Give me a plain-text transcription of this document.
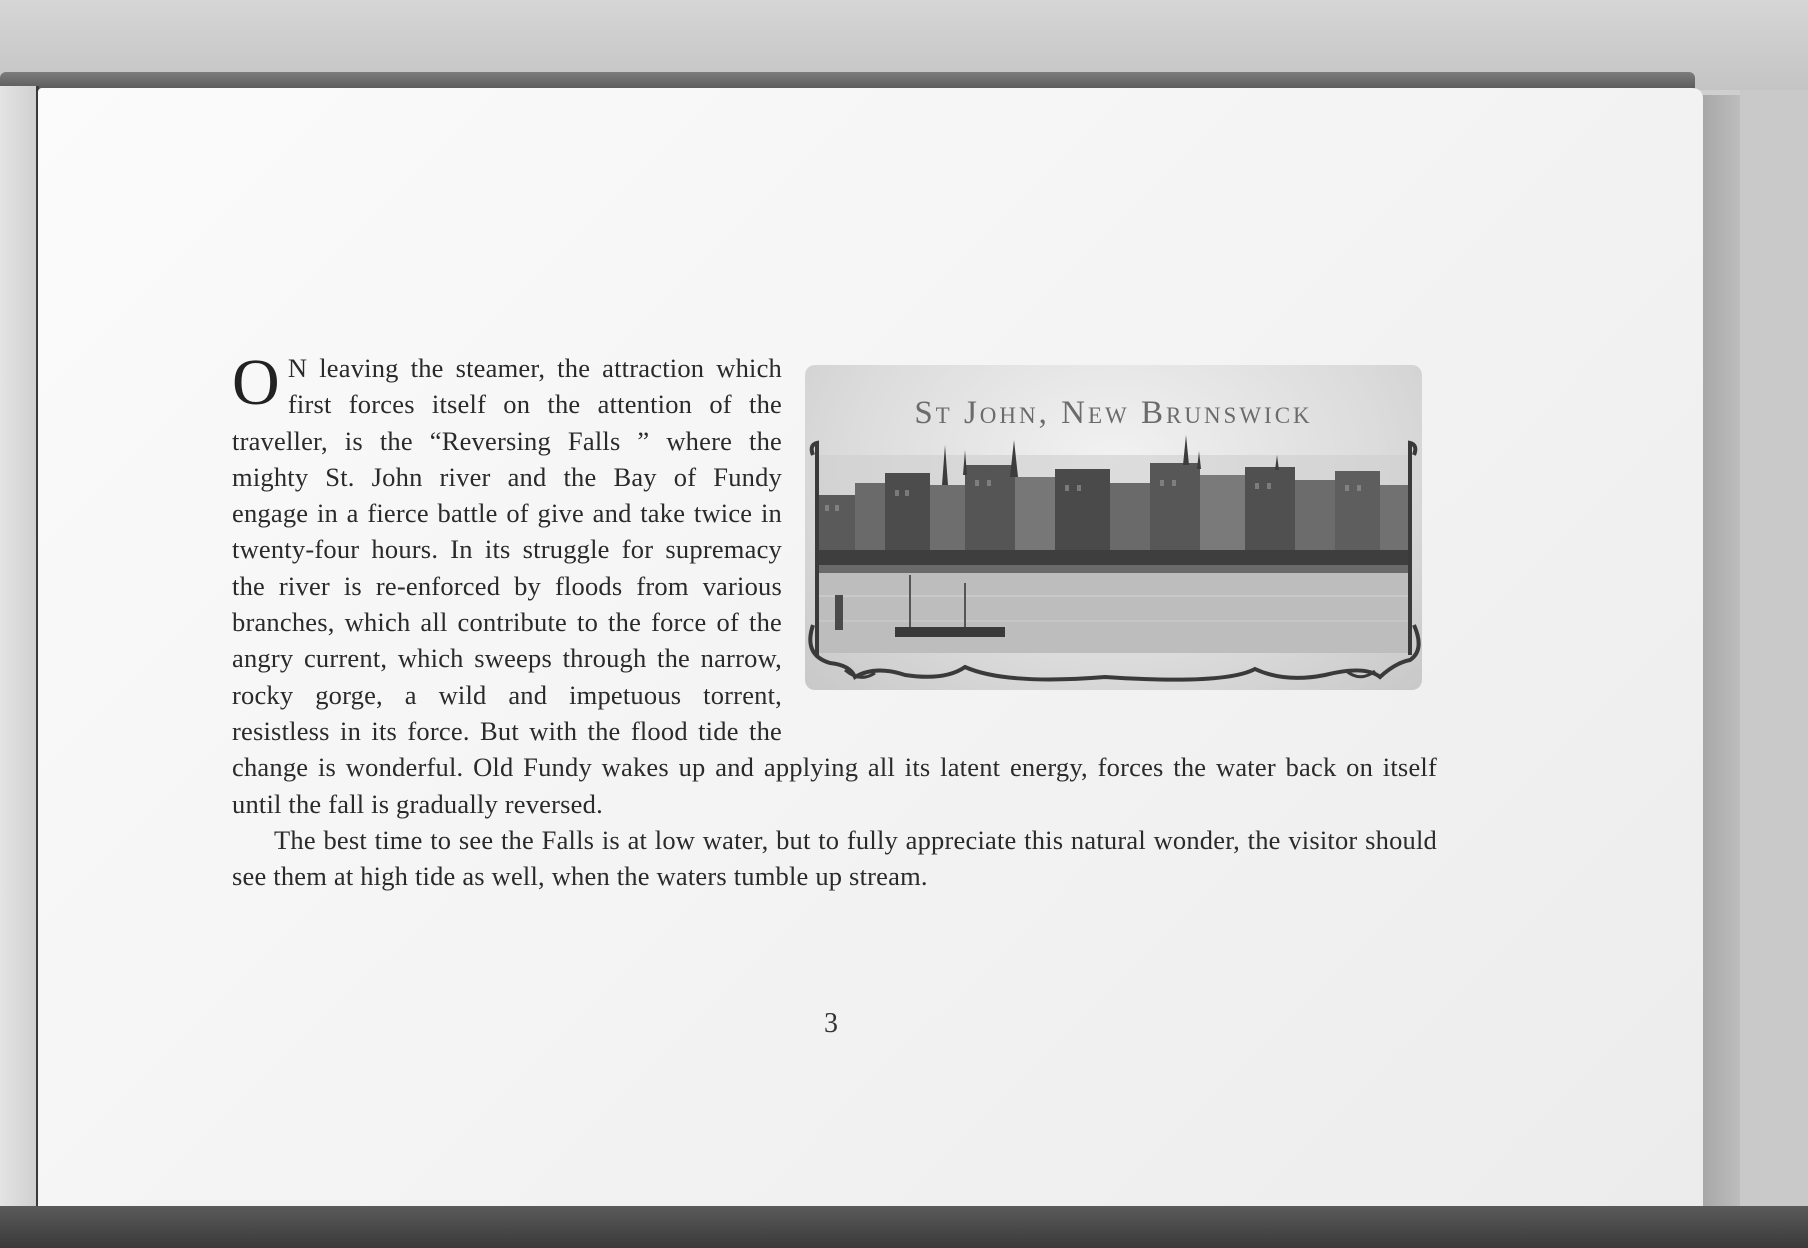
O N leaving the steamer, the attraction which first forces itself on the attention of the traveller, is the “Reversing Falls ” where the mighty St. John river and the Bay of Fundy engage in a fierce battle of give and take twice in twenty-four hours. In its struggle for supremacy the river is re-enforced by floods from various branches, which all contribute to the force of the angry current, which sweeps through the narrow, rocky gorge, a wild and impetuous torrent, resistless in its force. But with the flood tide the change is wonderful. Old Fundy wakes up and applying all its latent energy, forces the water back on itself until the fall is gradually reversed.

The best time to see the Falls is at low water, but to fully appreciate this natural wonder, the visitor should see them at high tide as well, when the waters tumble up stream.

St John, New Brunswick
3
